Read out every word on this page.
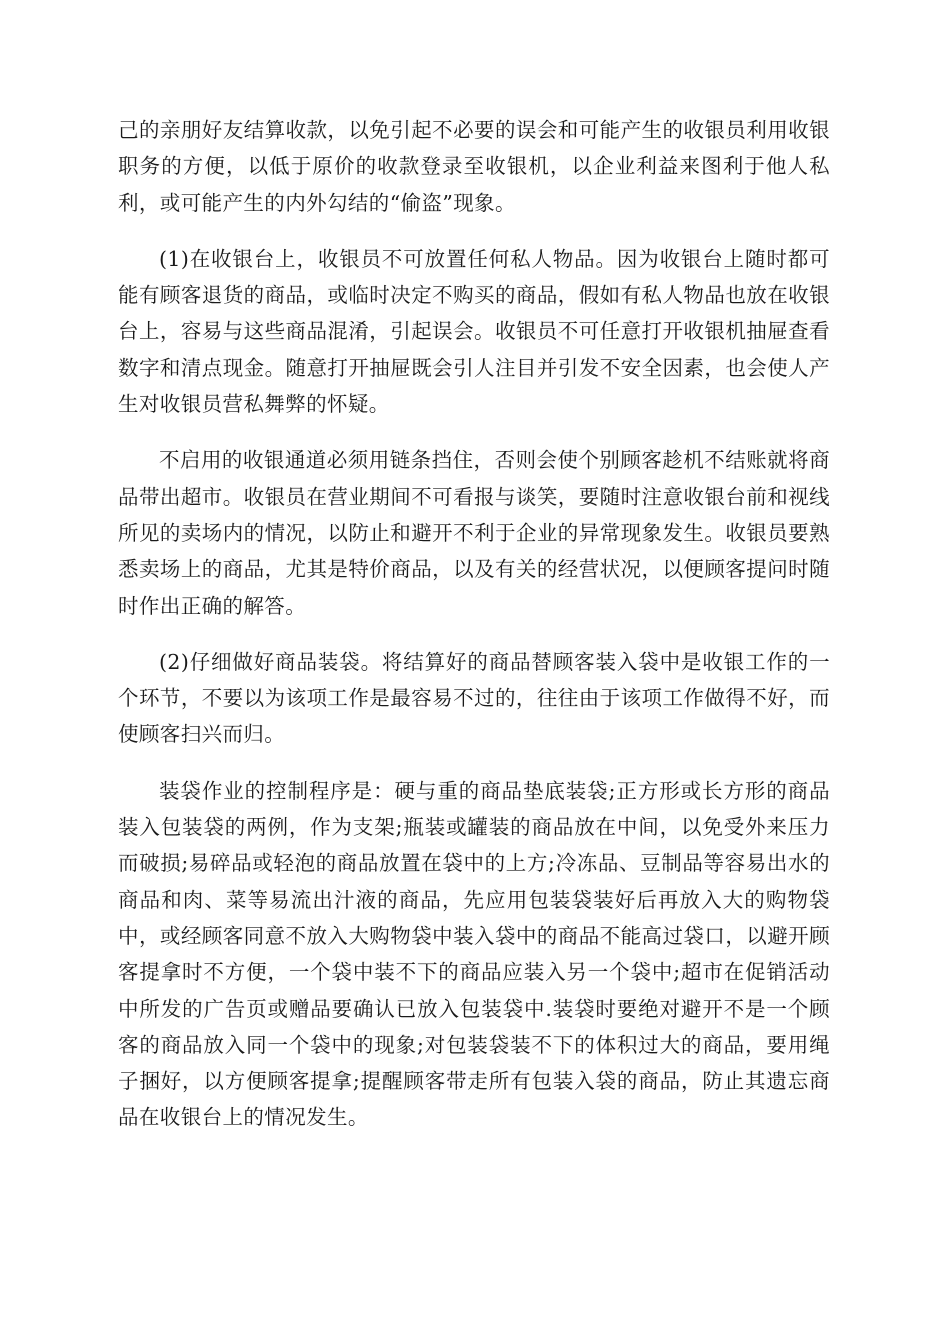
己的亲朋好友结算收款，以免引起不必要的误会和可能产生的收银员利用收银职务的方便，以低于原价的收款登录至收银机，以企业利益来图利于他人私利，或可能产生的内外勾结的“偷盗”现象。

(1)在收银台上，收银员不可放置任何私人物品。因为收银台上随时都可能有顾客退货的商品，或临时决定不购买的商品，假如有私人物品也放在收银台上，容易与这些商品混淆，引起误会。收银员不可任意打开收银机抽屉查看数字和清点现金。随意打开抽屉既会引人注目并引发不安全因素，也会使人产生对收银员营私舞弊的怀疑。

不启用的收银通道必须用链条挡住，否则会使个别顾客趁机不结账就将商品带出超市。收银员在营业期间不可看报与谈笑，要随时注意收银台前和视线所见的卖场内的情况，以防止和避开不利于企业的异常现象发生。收银员要熟悉卖场上的商品，尤其是特价商品，以及有关的经营状况，以便顾客提问时随时作出正确的解答。

(2)仔细做好商品装袋。将结算好的商品替顾客装入袋中是收银工作的一个环节，不要以为该项工作是最容易不过的，往往由于该项工作做得不好，而使顾客扫兴而归。

装袋作业的控制程序是：硬与重的商品垫底装袋;正方形或长方形的商品装入包装袋的两例，作为支架;瓶装或罐装的商品放在中间，以免受外来压力而破损;易碎品或轻泡的商品放置在袋中的上方;冷冻品、豆制品等容易出水的商品和肉、菜等易流出汁液的商品，先应用包装袋装好后再放入大的购物袋中，或经顾客同意不放入大购物袋中装入袋中的商品不能高过袋口，以避开顾客提拿时不方便，一个袋中装不下的商品应装入另一个袋中;超市在促销活动中所发的广告页或赠品要确认已放入包装袋中.装袋时要绝对避开不是一个顾客的商品放入同一个袋中的现象;对包装袋装不下的体积过大的商品，要用绳子捆好，以方便顾客提拿;提醒顾客带走所有包装入袋的商品，防止其遗忘商品在收银台上的情况发生。
